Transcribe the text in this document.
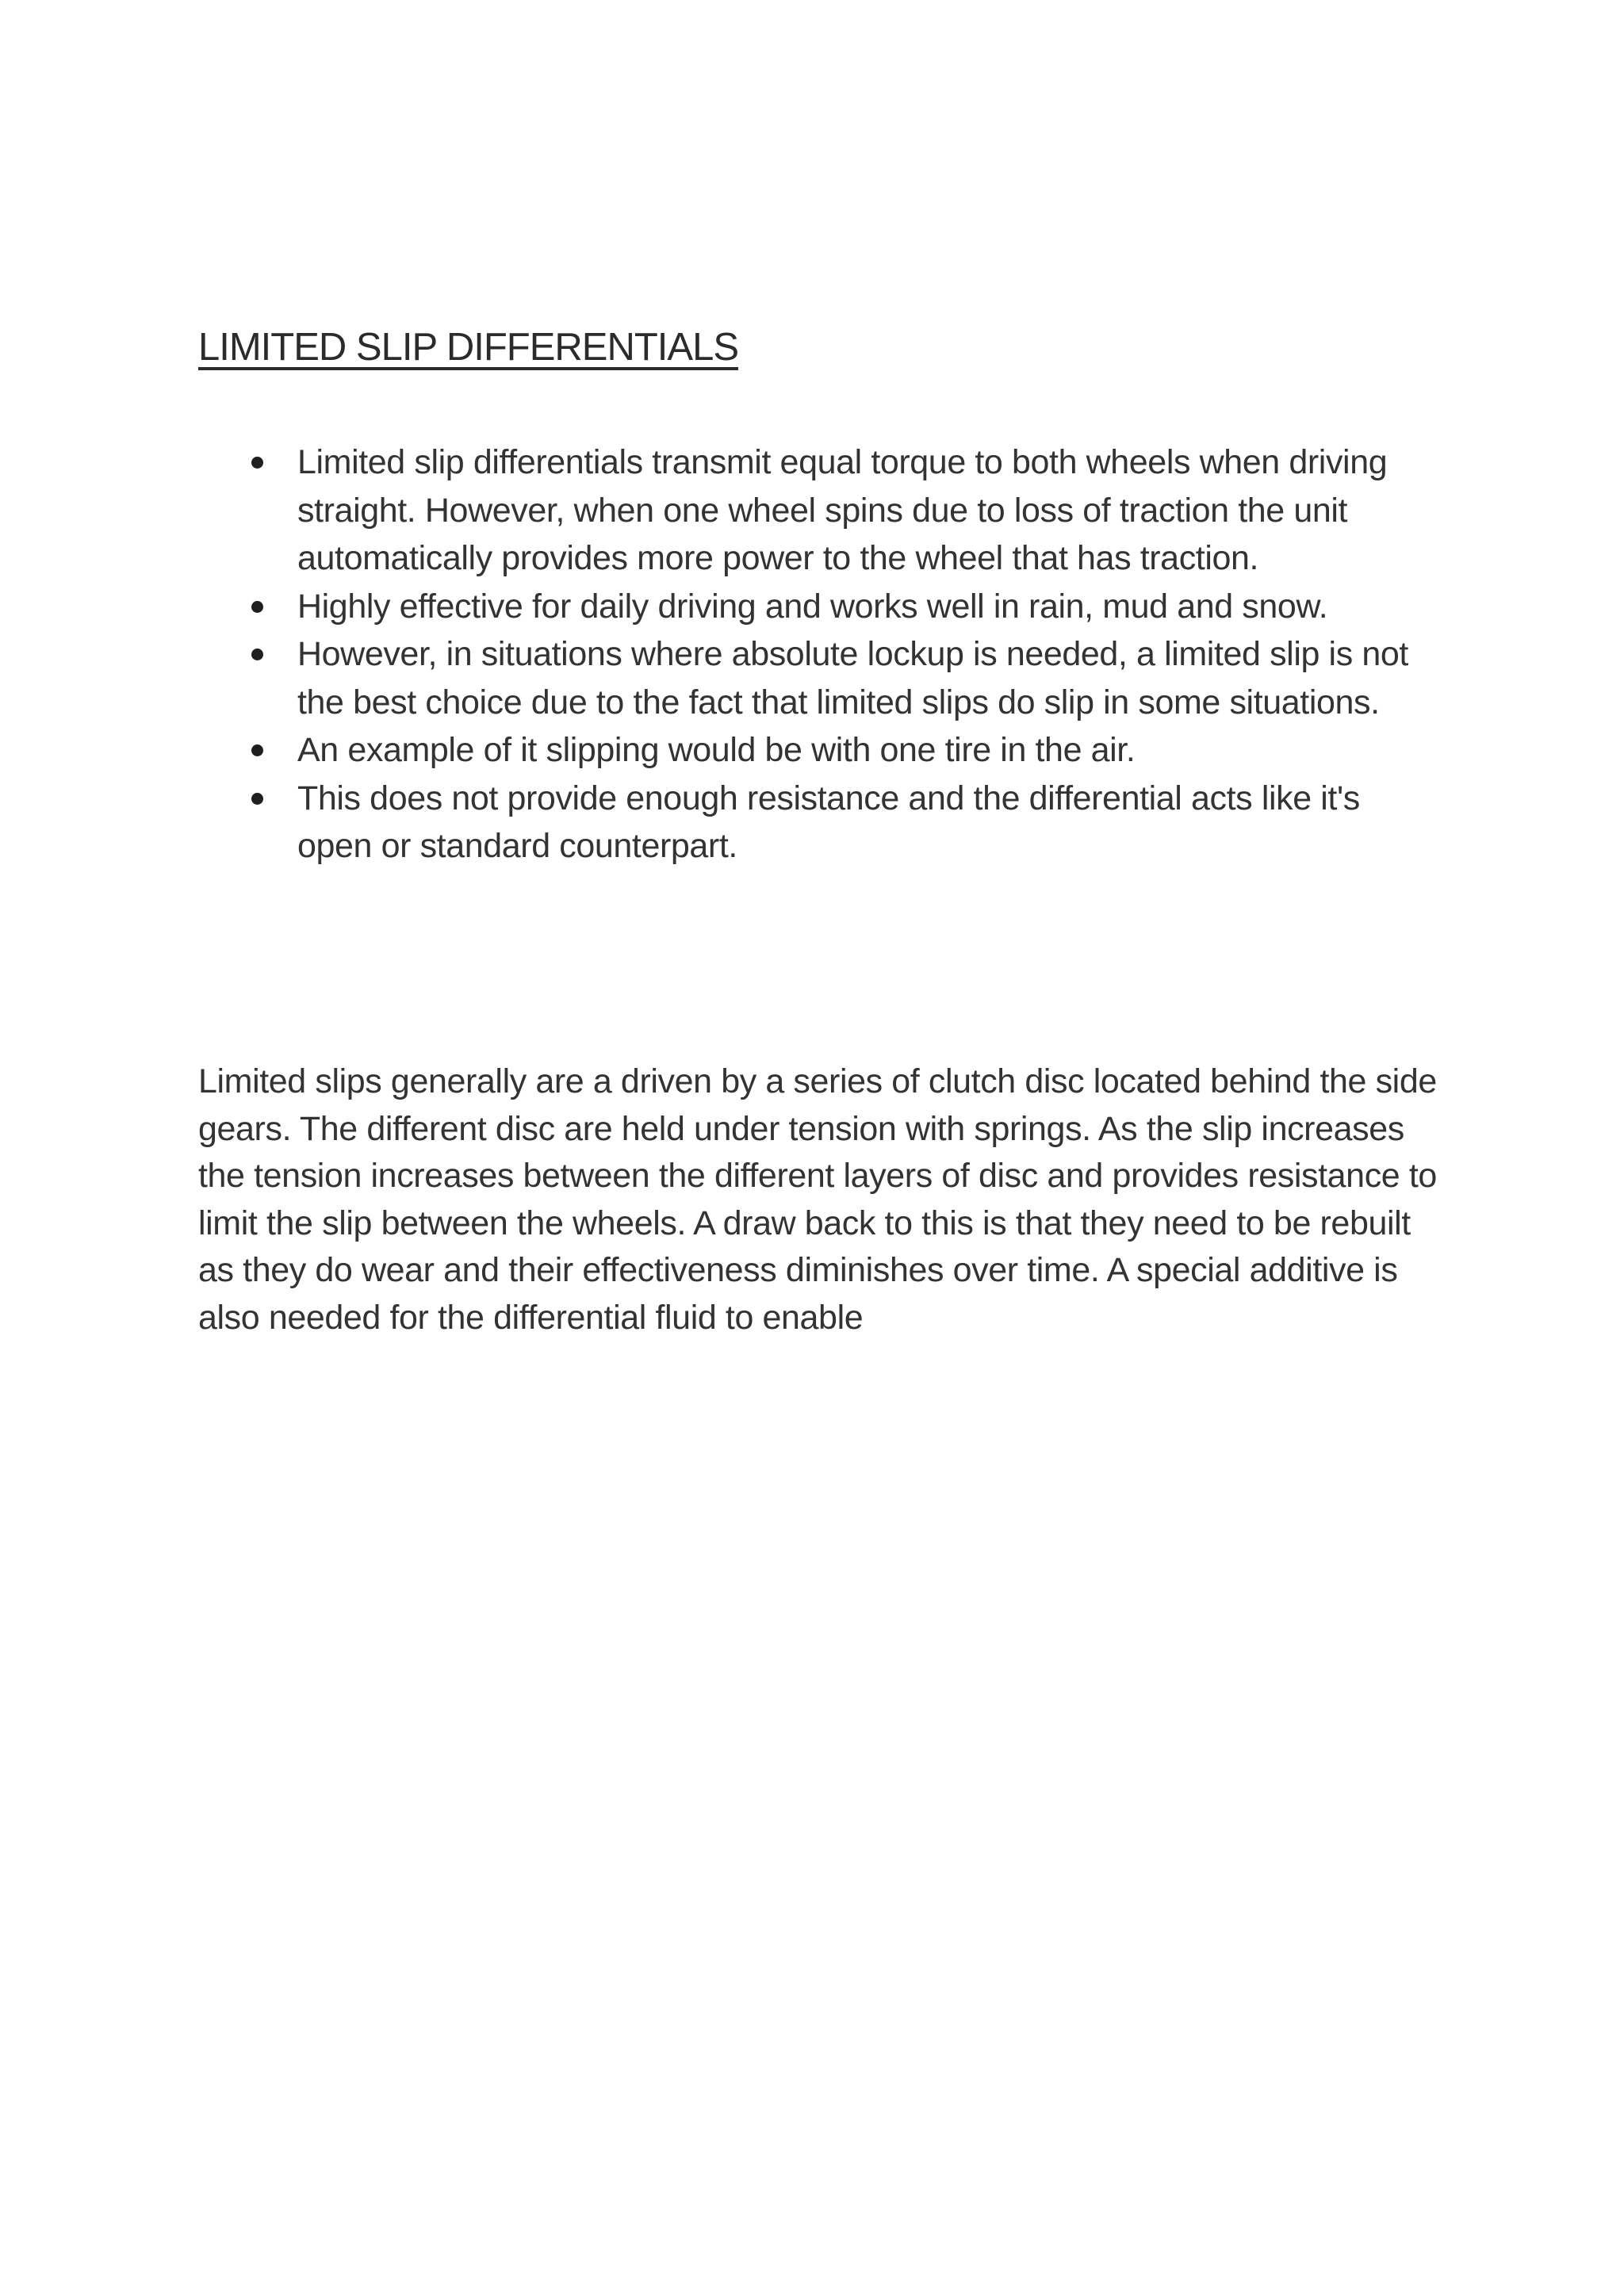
LIMITED SLIP DIFFERENTIALS
Limited slip differentials transmit equal torque to both wheels when driving straight. However, when one wheel spins due to loss of traction the unit automatically provides more power to the wheel that has traction.
Highly effective for daily driving and works well in rain, mud and snow.
However, in situations where absolute lockup is needed, a limited slip is not the best choice due to the fact that limited slips do slip in some situations.
An example of it slipping would be with one tire in the air.
This does not provide enough resistance and the differential acts like it's open or standard counterpart.

Limited slips generally are a driven by a series of clutch disc located behind the side gears. The different disc are held under tension with springs. As the slip increases the tension increases between the different layers of disc and provides resistance to limit the slip between the wheels. A draw back to this is that they need to be rebuilt as they do wear and their effectiveness diminishes over time. A special additive is also needed for the differential fluid to enable
